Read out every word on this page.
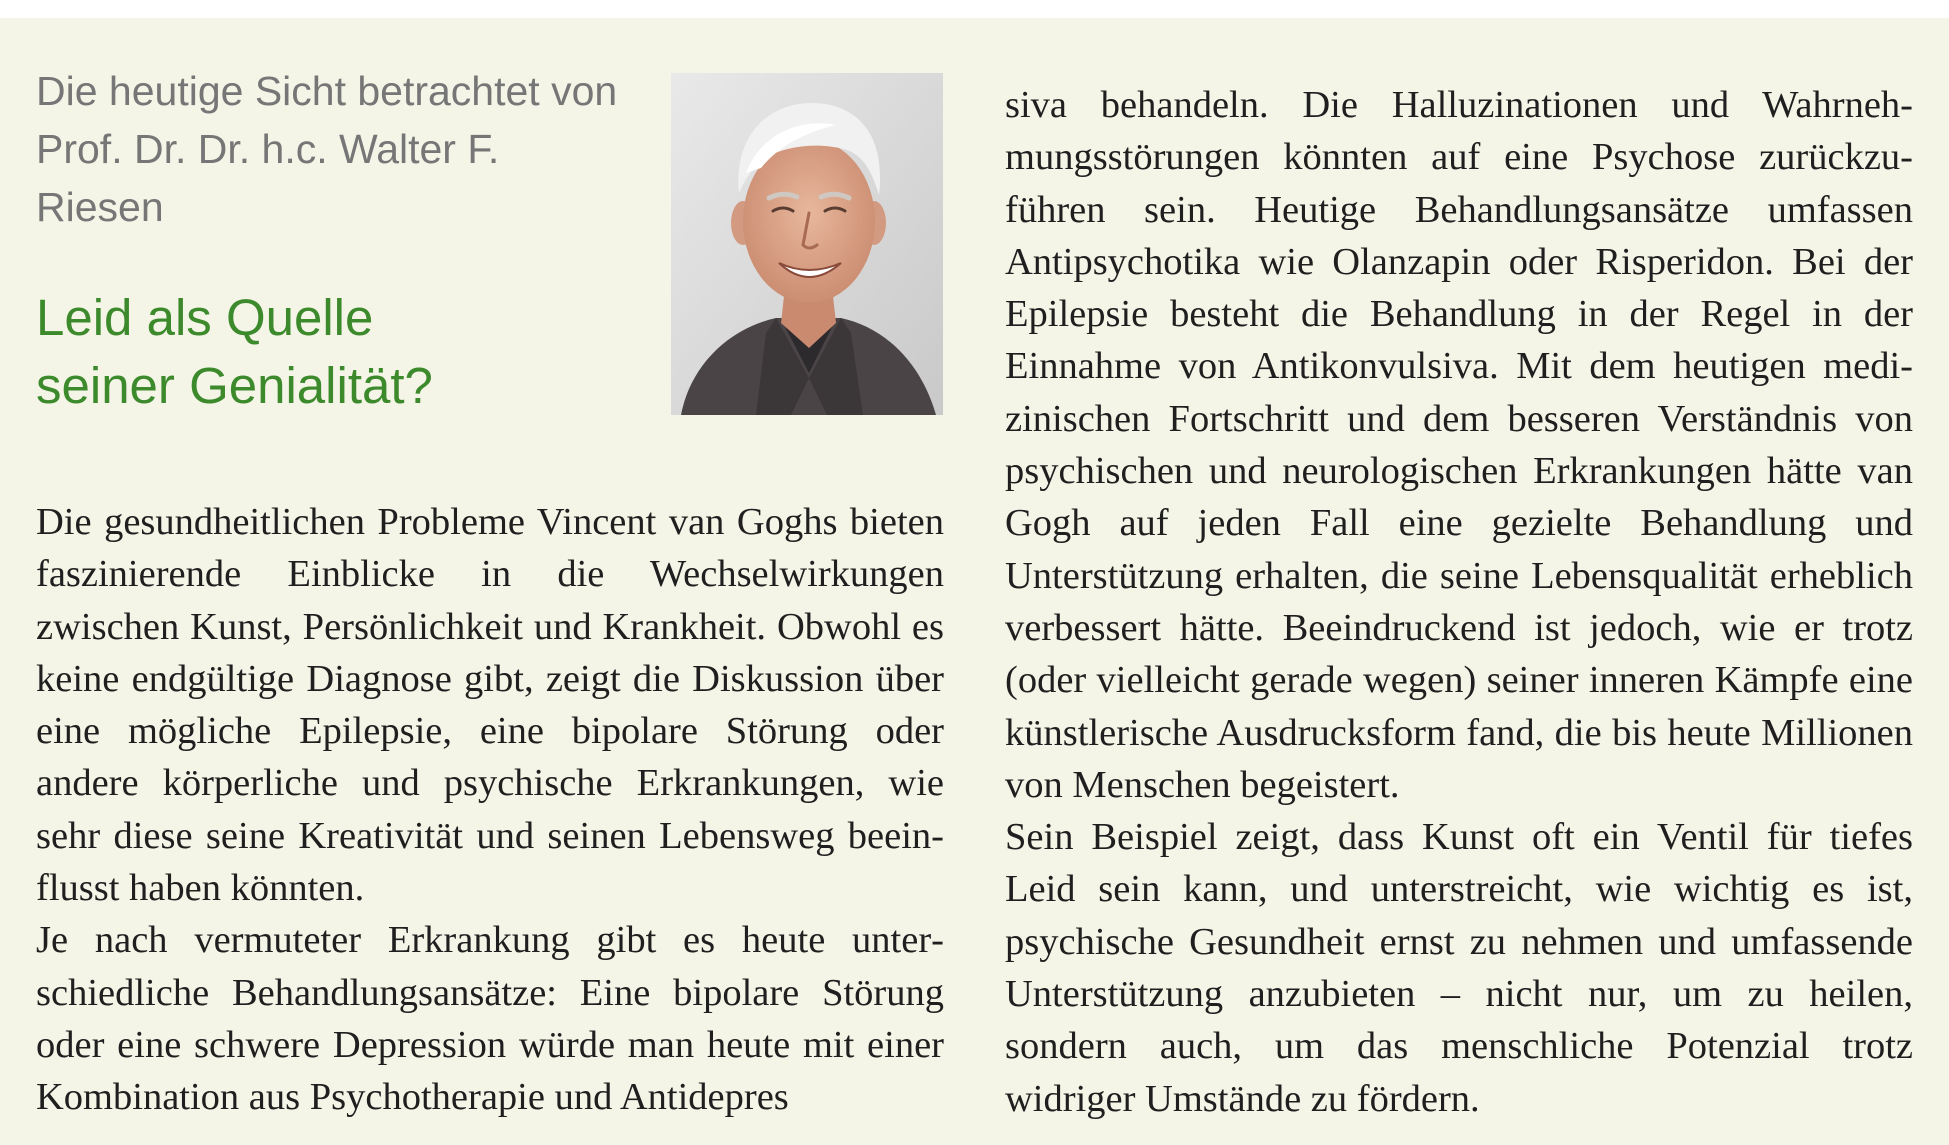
Die heutige Sicht betrachtet von Prof. Dr. Dr. h.c. Walter F. Riesen

Leid als Quelle
seiner Genialität?

Die gesundheitlichen Probleme Vincent van Goghs bieten faszinierende Einblicke in die Wechselwirkungen zwischen Kunst, Persönlichkeit und Krankheit. Obwohl es keine endgültige Diagnose gibt, zeigt die Diskussion über eine mögliche Epilepsie, eine bipolare Störung oder andere körperliche und psychische Erkrankungen, wie sehr diese seine Kreativität und seinen Lebensweg beeinflusst haben könnten.

Je nach vermuteter Erkrankung gibt es heute unterschiedliche Behandlungsansätze: Eine bipolare Störung oder eine schwere Depression würde man heute mit einer Kombination aus Psychotherapie und Antidepres

siva behandeln. Die Halluzinationen und Wahrnehmungsstörungen könnten auf eine Psychose zurückzuführen sein. Heutige Behandlungsansätze umfassen Antipsychotika wie Olanzapin oder Risperidon. Bei der Epilepsie besteht die Behandlung in der Regel in der Einnahme von Antikonvulsiva. Mit dem heutigen medizinischen Fortschritt und dem besseren Verständnis von psychischen und neurologischen Erkrankungen hätte van Gogh auf jeden Fall eine gezielte Behandlung und Unterstützung erhalten, die seine Lebensqualität erheblich verbessert hätte. Beeindruckend ist jedoch, wie er trotz (oder vielleicht gerade wegen) seiner inneren Kämpfe eine künstlerische Ausdrucksform fand, die bis heute Millionen von Menschen begeistert.

Sein Beispiel zeigt, dass Kunst oft ein Ventil für tiefes Leid sein kann, und unterstreicht, wie wichtig es ist, psychische Gesundheit ernst zu nehmen und umfassende Unterstützung anzubieten – nicht nur, um zu heilen, sondern auch, um das menschliche Potenzial trotz widriger Umstände zu fördern.
